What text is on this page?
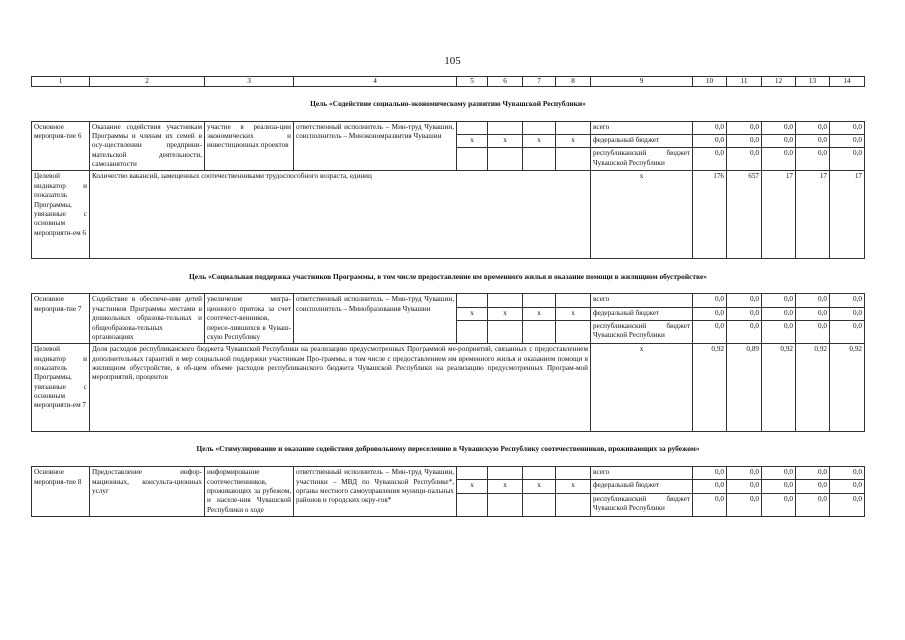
105
1	2	3	4	5	6	7	8	9	10	11	12	13	14
Цель «Содействие социально-экономическому развитию Чувашской Республики»													
Основное мероприя-тие 6	Оказание содействия участникам Программы и членам их семей в осу-ществлении предприни-мательской деятельности, самозанятости	участие в реализа-ции экономических и инвестиционных проектов	ответственный исполнитель – Мин-труд Чувашии, соисполнитель – Минэкономразвития Чувашии					всего	0,0	0,0	0,0	0,0	0,0
				x	x	x	x	федеральный бюджет	0,0	0,0	0,0	0,0	0,0
								республиканский бюджет Чувашской Республики	0,0	0,0	0,0	0,0	0,0
Целевой индикатор и показатель Программы, увязанные с основным мероприяти-ем 6	Количество вакансий, замещенных соотечественниками трудоспособного возраста, единиц							x	176	657	17	17	17
Цель «Социальная поддержка участников Программы, в том числе предоставление им временного жилья и оказание помощи в жилищном обустройстве»													
Основное мероприя-тие 7	Содействие в обеспече-нии детей участников Программы местами в дошкольных образова-тельных и общеобразова-тельных организациях	увеличение мигра-ционного притока за счет соотечест-венников, пересе-лившихся в Чуваш-скую Республику	ответственный исполнитель – Мин-труд Чувашии, соисполнитель – Минобразования Чувашии					всего	0,0	0,0	0,0	0,0	0,0
				x	x	x	x	федеральный бюджет	0,0	0,0	0,0	0,0	0,0
								республиканский бюджет Чувашской Республики	0,0	0,0	0,0	0,0	0,0
Целевой индикатор и показатель Программы, увязанные с основным мероприяти-ем 7	Доля расходов республиканского бюджета Чувашской Республики на реализацию предусмотренных Программой ме-роприятий, связанных с предоставлением дополнительных гарантий и мер социальной поддержки участникам Про-граммы, в том числе с предоставлением им временного жилья и оказанием помощи в жилищном обустройстве, в об-щем объеме расходов республиканского бюджета Чувашской Республики на реализацию предусмотренных Програм-мой мероприятий, процентов							x	0,92	0,89	0,92	0,92	0,92
Цель «Стимулирование и оказание содействия добровольному переселению в Чувашскую Республику соотечественников, проживающих за рубежом»													
Основное мероприя-тие 8	Предоставление инфор-мационных, консульта-ционных услуг	информирование соотечественников, проживающих за рубежом, и населе-ния Чувашской Республики о ходе	ответственный исполнитель – Мин-труд Чувашии, участники – МВД по Чувашской Республике*, органы местного самоуправления муници-пальных районов и городских окру-гов*					всего	0,0	0,0	0,0	0,0	0,0
				x	x	x	x	федеральный бюджет	0,0	0,0	0,0	0,0	0,0
								республиканский бюджет Чувашской Республики	0,0	0,0	0,0	0,0	0,0
